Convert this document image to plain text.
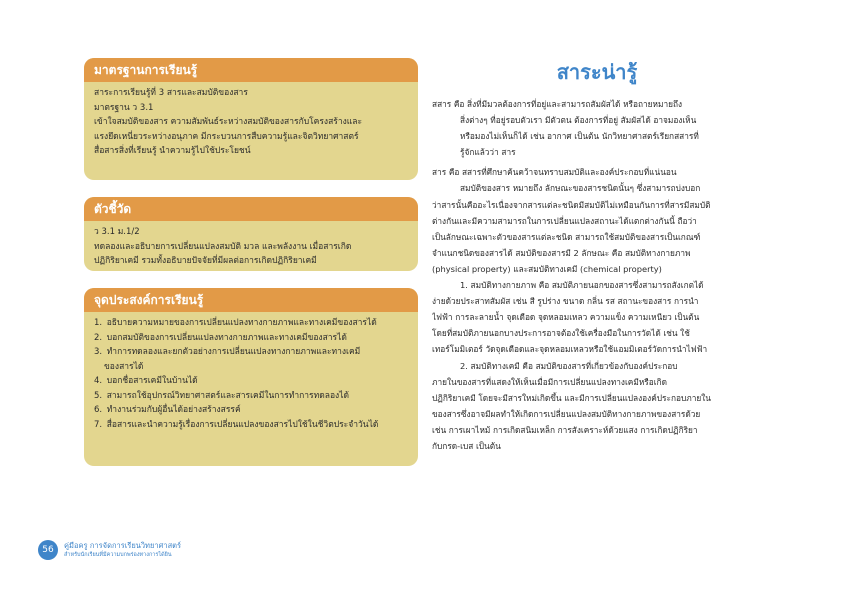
มาตรฐานการเรียนรู้
สาระการเรียนรู้ที่ 3 สารและสมบัติของสาร
มาตรฐาน ว 3.1
เข้าใจสมบัติของสาร ความสัมพันธ์ระหว่างสมบัติของสารกับโครงสร้างและ
แรงยึดเหนี่ยวระหว่างอนุภาค มีกระบวนการสืบความรู้และจิตวิทยาศาสตร์
สื่อสารสิ่งที่เรียนรู้ นำความรู้ไปใช้ประโยชน์
ตัวชี้วัด
ว 3.1 ม.1/2
ทดลองและอธิบายการเปลี่ยนแปลงสมบัติ มวล และพลังงาน เมื่อสารเกิด
ปฏิกิริยาเคมี รวมทั้งอธิบายปัจจัยที่มีผลต่อการเกิดปฏิกิริยาเคมี
จุดประสงค์การเรียนรู้
1. อธิบายความหมายของการเปลี่ยนแปลงทางกายภาพและทางเคมีของสารได้
2. บอกสมบัติของการเปลี่ยนแปลงทางกายภาพและทางเคมีของสารได้
3. ทำการทดลองและยกตัวอย่างการเปลี่ยนแปลงทางกายภาพและทางเคมี
ของสารได้
4. บอกชื่อสารเคมีในบ้านได้
5. สามารถใช้อุปกรณ์วิทยาศาสตร์และสารเคมีในการทำการทดลองได้
6. ทำงานร่วมกับผู้อื่นได้อย่างสร้างสรรค์
7. สื่อสารและนำความรู้เรื่องการเปลี่ยนแปลงของสารไปใช้ในชีวิตประจำวันได้
สาระน่ารู้
สสาร คือ สิ่งที่มีมวลต้องการที่อยู่และสามารถสัมผัสได้ หรือถายหมายถึง
สิ่งต่างๆ ที่อยู่รอบตัวเรา มีตัวตน ต้องการที่อยู่ สัมผัสได้ อาจมองเห็น
หรือมองไม่เห็นก็ได้ เช่น อากาศ เป็นต้น นักวิทยาศาสตร์เรียกสสารที่
รู้จักแล้วว่า สาร
สาร คือ สสารที่ศึกษาค้นคว้าจนทราบสมบัติและองค์ประกอบที่แน่นอน
สมบัติของสาร หมายถึง ลักษณะของสารชนิดนั้นๆ ซึ่งสามารถบ่งบอก
ว่าสารนั้นคืออะไรเนื่องจากสารแต่ละชนิดมีสมบัติไม่เหมือนกันการที่สารมีสมบัติ
ต่างกันและมีความสามารถในการเปลี่ยนแปลงสถานะได้แตกต่างกันนี้ ถือว่า
เป็นลักษณะเฉพาะตัวของสารแต่ละชนิด สามารถใช้สมบัติของสารเป็นเกณฑ์
จำแนกชนิดของสารได้ สมบัติของสารมี 2 ลักษณะ คือ สมบัติทางกายภาพ
(physical property) และสมบัติทางเคมี (chemical property)
1. สมบัติทางกายภาพ คือ สมบัติภายนอกของสารซึ่งสามารถสังเกตได้
ง่ายด้วยประสาทสัมผัส เช่น สี รูปร่าง ขนาด กลิ่น รส สถานะของสาร การนำ
ไฟฟ้า การละลายน้ำ จุดเดือด จุดหลอมเหลว ความแข็ง ความเหนียว เป็นต้น
โดยที่สมบัติภายนอกบางประการอาจต้องใช้เครื่องมือในการวัดได้ เช่น ใช้
เทอร์โมมิเตอร์ วัดจุดเดือดและจุดหลอมเหลวหรือใช้แอมมิเตอร์วัดการนำไฟฟ้า
2. สมบัติทางเคมี คือ สมบัติของสารที่เกี่ยวข้องกับองค์ประกอบ
ภายในของสารที่แสดงให้เห็นเมื่อมีการเปลี่ยนแปลงทางเคมีหรือเกิด
ปฏิกิริยาเคมี โดยจะมีสารใหม่เกิดขึ้น และมีการเปลี่ยนแปลงองค์ประกอบภายใน
ของสารซึ่งอาจมีผลทำให้เกิดการเปลี่ยนแปลงสมบัติทางกายภาพของสารด้วย
เช่น การเผาไหม้ การเกิดสนิมเหล็ก การสังเคราะห์ด้วยแสง การเกิดปฏิกิริยา
กับกรด-เบส เป็นต้น
56	คู่มือครู การจัดการเรียนวิทยาศาสตร์
สำหรับนักเรียนที่มีความบกพร่องทางการได้ยิน
